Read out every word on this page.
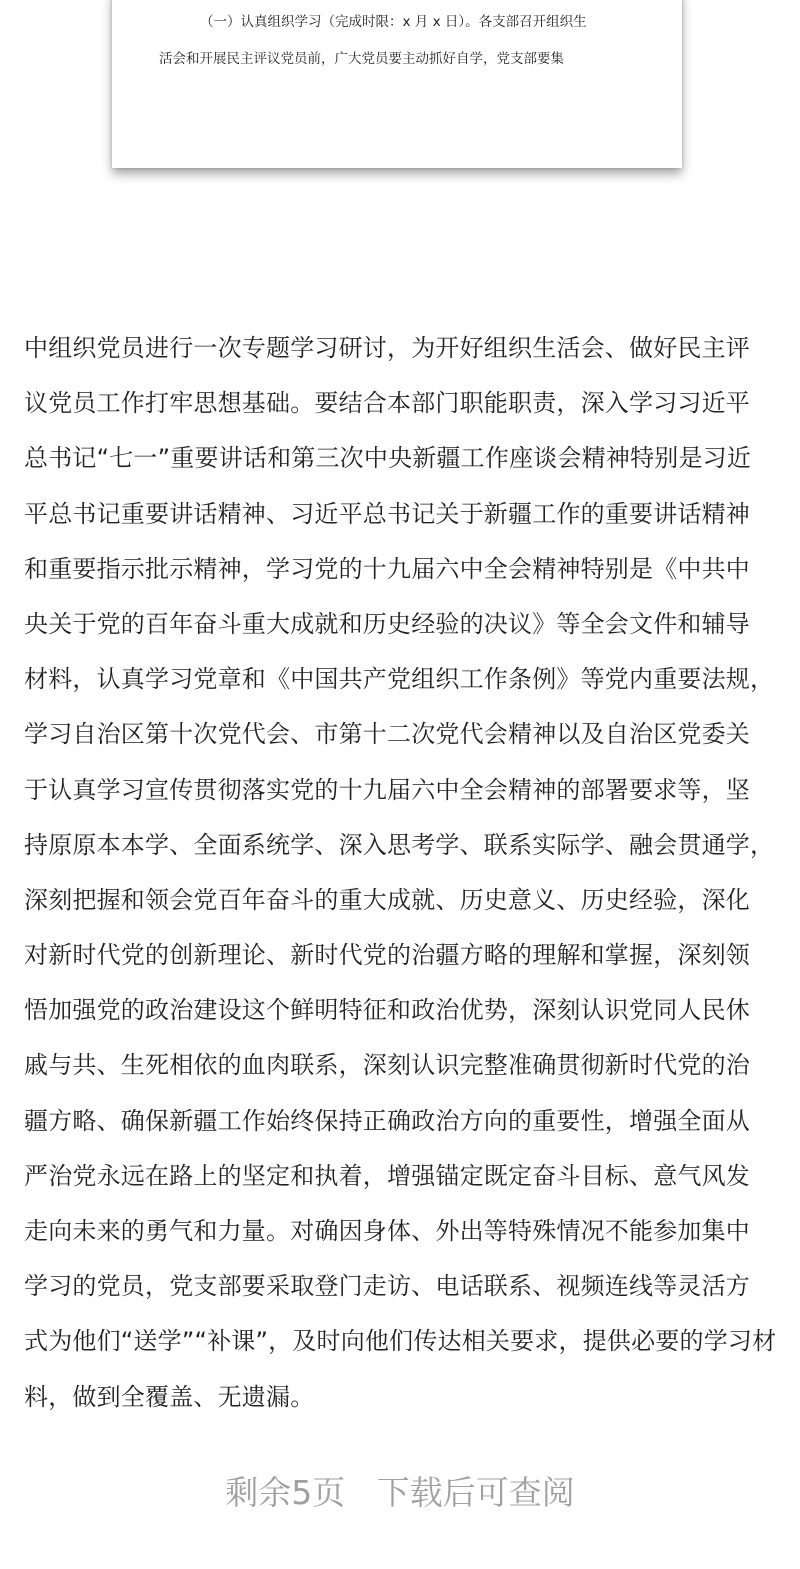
（一）认真组织学习（完成时限：x 月 x 日）。各支部召开组织生
活会和开展民主评议党员前，广大党员要主动抓好自学，党支部要集
中组织党员进行一次专题学习研讨，为开好组织生活会、做好民主评
议党员工作打牢思想基础。要结合本部门职能职责，深入学习习近平
总书记“七一”重要讲话和第三次中央新疆工作座谈会精神特别是习近
平总书记重要讲话精神、习近平总书记关于新疆工作的重要讲话精神
和重要指示批示精神，学习党的十九届六中全会精神特别是《中共中
央关于党的百年奋斗重大成就和历史经验的决议》等全会文件和辅导
材料，认真学习党章和《中国共产党组织工作条例》等党内重要法规，
学习自治区第十次党代会、市第十二次党代会精神以及自治区党委关
于认真学习宣传贯彻落实党的十九届六中全会精神的部署要求等，坚
持原原本本学、全面系统学、深入思考学、联系实际学、融会贯通学，
深刻把握和领会党百年奋斗的重大成就、历史意义、历史经验，深化
对新时代党的创新理论、新时代党的治疆方略的理解和掌握，深刻领
悟加强党的政治建设这个鲜明特征和政治优势，深刻认识党同人民休
戚与共、生死相依的血肉联系，深刻认识完整准确贯彻新时代党的治
疆方略、确保新疆工作始终保持正确政治方向的重要性，增强全面从
严治党永远在路上的坚定和执着，增强锚定既定奋斗目标、意气风发
走向未来的勇气和力量。对确因身体、外出等特殊情况不能参加集中
学习的党员，党支部要采取登门走访、电话联系、视频连线等灵活方
式为他们“送学”“补课”，及时向他们传达相关要求，提供必要的学习材
料，做到全覆盖、无遗漏。
剩余5页 下载后可查阅
